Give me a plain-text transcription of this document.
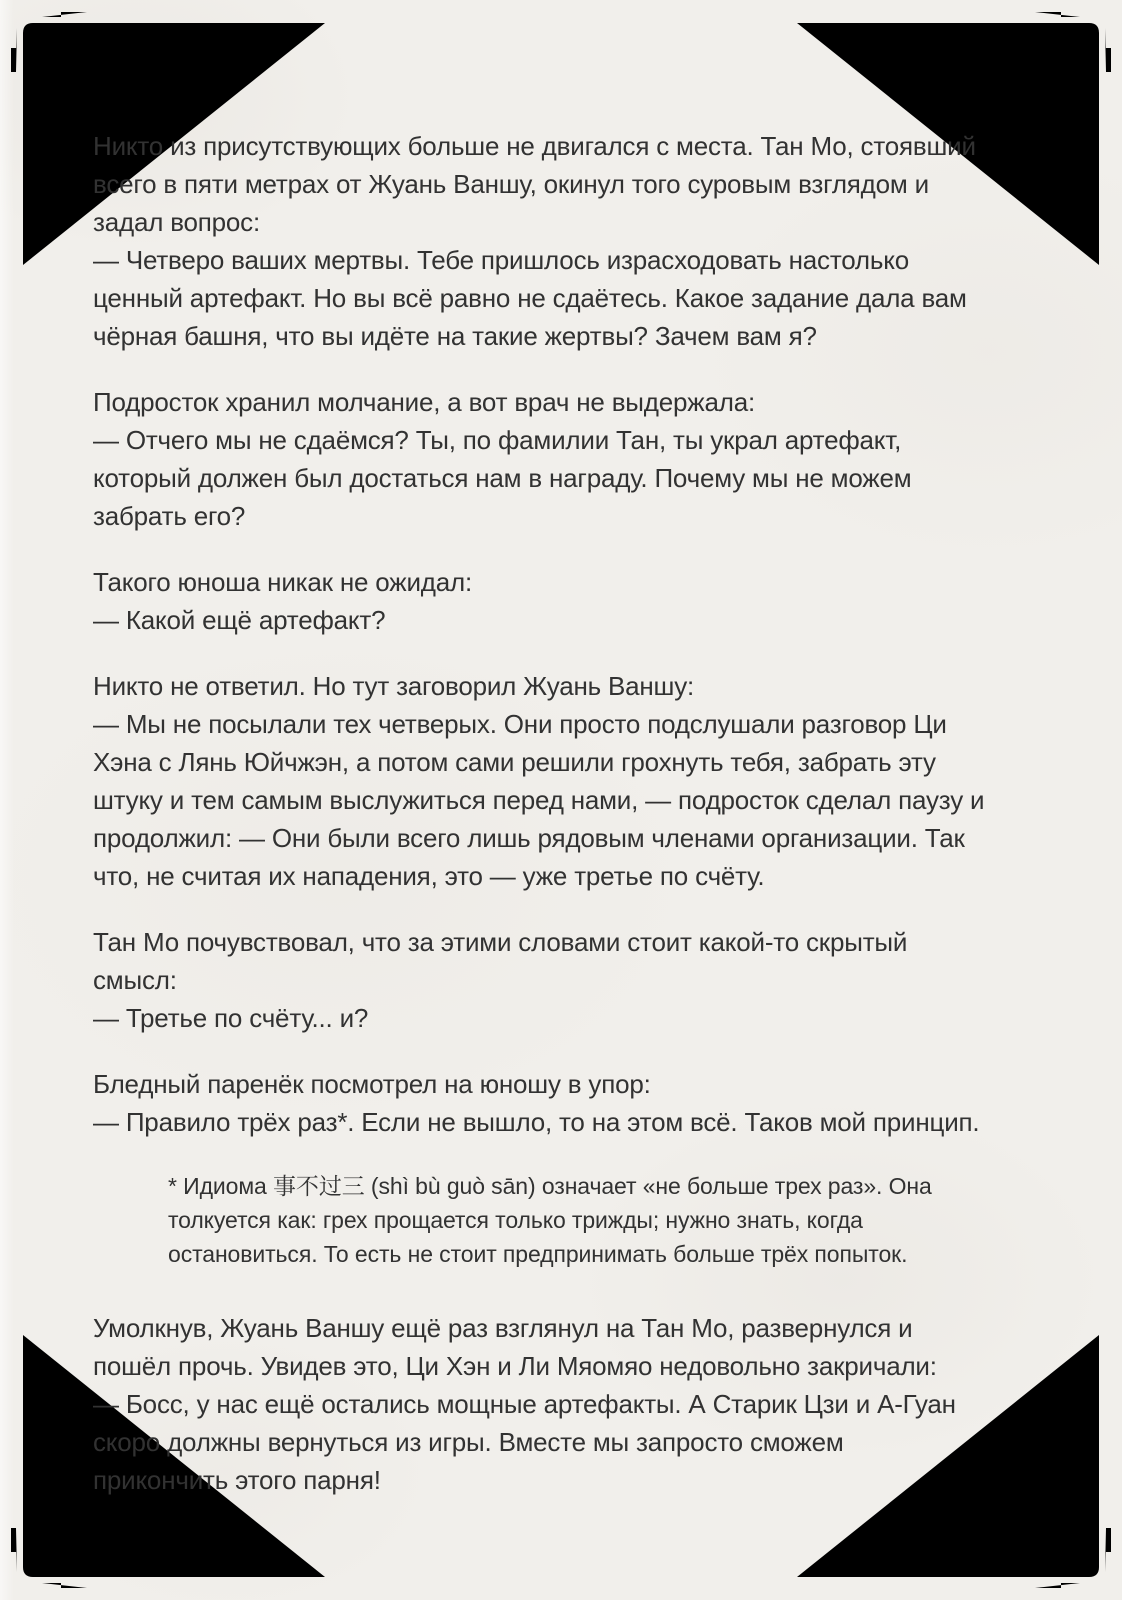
Никто из присутствующих больше не двигался с места. Тан Мо, стоявший
всего в пяти метрах от Жуань Ваншу, окинул того суровым взглядом и
задал вопрос:
— Четверо ваших мертвы. Тебе пришлось израсходовать настолько
ценный артефакт. Но вы всё равно не сдаётесь. Какое задание дала вам
чёрная башня, что вы идёте на такие жертвы? Зачем вам я?
Подросток хранил молчание, а вот врач не выдержала:
— Отчего мы не сдаёмся? Ты, по фамилии Тан, ты украл артефакт,
который должен был достаться нам в награду. Почему мы не можем
забрать его?
Такого юноша никак не ожидал:
— Какой ещё артефакт?
Никто не ответил. Но тут заговорил Жуань Ваншу:
— Мы не посылали тех четверых. Они просто подслушали разговор Ци
Хэна с Лянь Юйчжэн, а потом сами решили грохнуть тебя, забрать эту
штуку и тем самым выслужиться перед нами, — подросток сделал паузу и
продолжил: — Они были всего лишь рядовым членами организации. Так
что, не считая их нападения, это — уже третье по счёту.
Тан Мо почувствовал, что за этими словами стоит какой-то скрытый
смысл:
— Третье по счёту... и?
Бледный паренёк посмотрел на юношу в упор:
— Правило трёх раз*. Если не вышло, то на этом всё. Таков мой принцип.
* Идиома 事不过三 (shì bù guò sān) означает «не больше трех раз». Она
толкуется как: грех прощается только трижды; нужно знать, когда
остановиться. То есть не стоит предпринимать больше трёх попыток.
Умолкнув, Жуань Ваншу ещё раз взглянул на Тан Мо, развернулся и
пошёл прочь. Увидев это, Ци Хэн и Ли Мяомяо недовольно закричали:
— Босс, у нас ещё остались мощные артефакты. А Старик Цзи и А-Гуан
скоро должны вернуться из игры. Вместе мы запросто сможем
прикончить этого парня!
